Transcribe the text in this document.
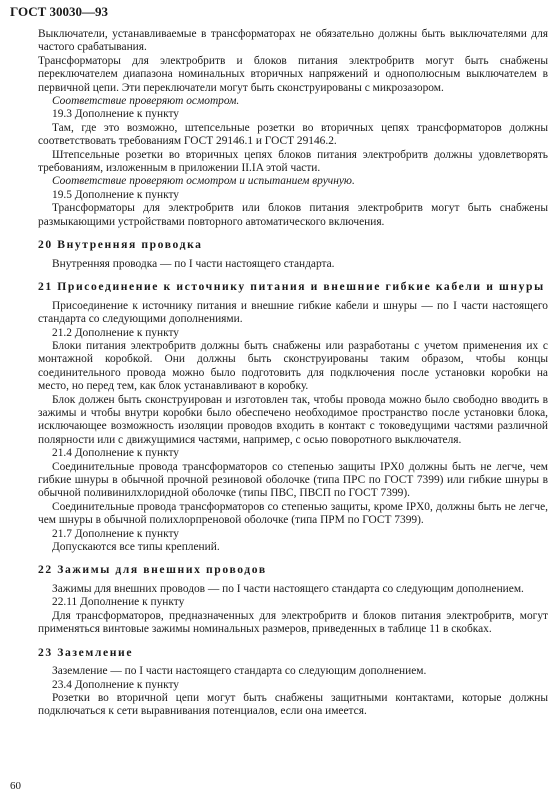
ГОСТ 30030—93

Выключатели, устанавливаемые в трансформаторах не обязательно должны быть выключателями для частого срабатывания.

Трансформаторы для электробритв и блоков питания электробритв могут быть снабжены переключателем диапазона номинальных вторичных напряжений и однополюсным выключателем в первичной цепи. Эти переключатели могут быть сконструированы с микрозазором.

Соответствие проверяют осмотром.

19.3 Дополнение к пункту

Там, где это возможно, штепсельные розетки во вторичных цепях трансформаторов должны соответствовать требованиям ГОСТ 29146.1 и ГОСТ 29146.2.

Штепсельные розетки во вторичных цепях блоков питания электробритв должны удовлетворять требованиям, изложенным в приложении II.IA этой части.

Соответствие проверяют осмотром и испытанием вручную.

19.5 Дополнение к пункту

Трансформаторы для электробритв или блоков питания электробритв могут быть снабжены размыкающими устройствами повторного автоматического включения.

20 Внутренняя проводка

Внутренняя проводка — по I части настоящего стандарта.

21 Присоединение к источнику питания и внешние гибкие кабели и шнуры

Присоединение к источнику питания и внешние гибкие кабели и шнуры — по I части настоящего стандарта со следующими дополнениями.

21.2 Дополнение к пункту

Блоки питания электробритв должны быть снабжены или разработаны с учетом применения их с монтажной коробкой. Они должны быть сконструированы таким образом, чтобы концы соединительного провода можно было подготовить для подключения после установки коробки на место, но перед тем, как блок устанавливают в коробку.

Блок должен быть сконструирован и изготовлен так, чтобы провода можно было свободно вводить в зажимы и чтобы внутри коробки было обеспечено необходимое пространство после установки блока, исключающее возможность изоляции проводов входить в контакт с токоведущими частями различной полярности или с движущимися частями, например, с осью поворотного выключателя.

21.4 Дополнение к пункту

Соединительные провода трансформаторов со степенью защиты IPX0 должны быть не легче, чем гибкие шнуры в обычной прочной резиновой оболочке (типа ПРС по ГОСТ 7399) или гибкие шнуры в обычной поливинилхлоридной оболочке (типы ПВС, ПВСП по ГОСТ 7399).

Соединительные провода трансформаторов со степенью защиты, кроме IPX0, должны быть не легче, чем шнуры в обычной полихлорпреновой оболочке (типа ПРМ по ГОСТ 7399).

21.7 Дополнение к пункту

Допускаются все типы креплений.

22 Зажимы для внешних проводов

Зажимы для внешних проводов — по I части настоящего стандарта со следующим дополнением.

22.11 Дополнение к пункту

Для трансформаторов, предназначенных для электробритв и блоков питания электробритв, могут применяться винтовые зажимы номинальных размеров, приведенных в таблице 11 в скобках.

23 Заземление

Заземление — по I части настоящего стандарта со следующим дополнением.

23.4 Дополнение к пункту

Розетки во вторичной цепи могут быть снабжены защитными контактами, которые должны подключаться к сети выравнивания потенциалов, если она имеется.

60
